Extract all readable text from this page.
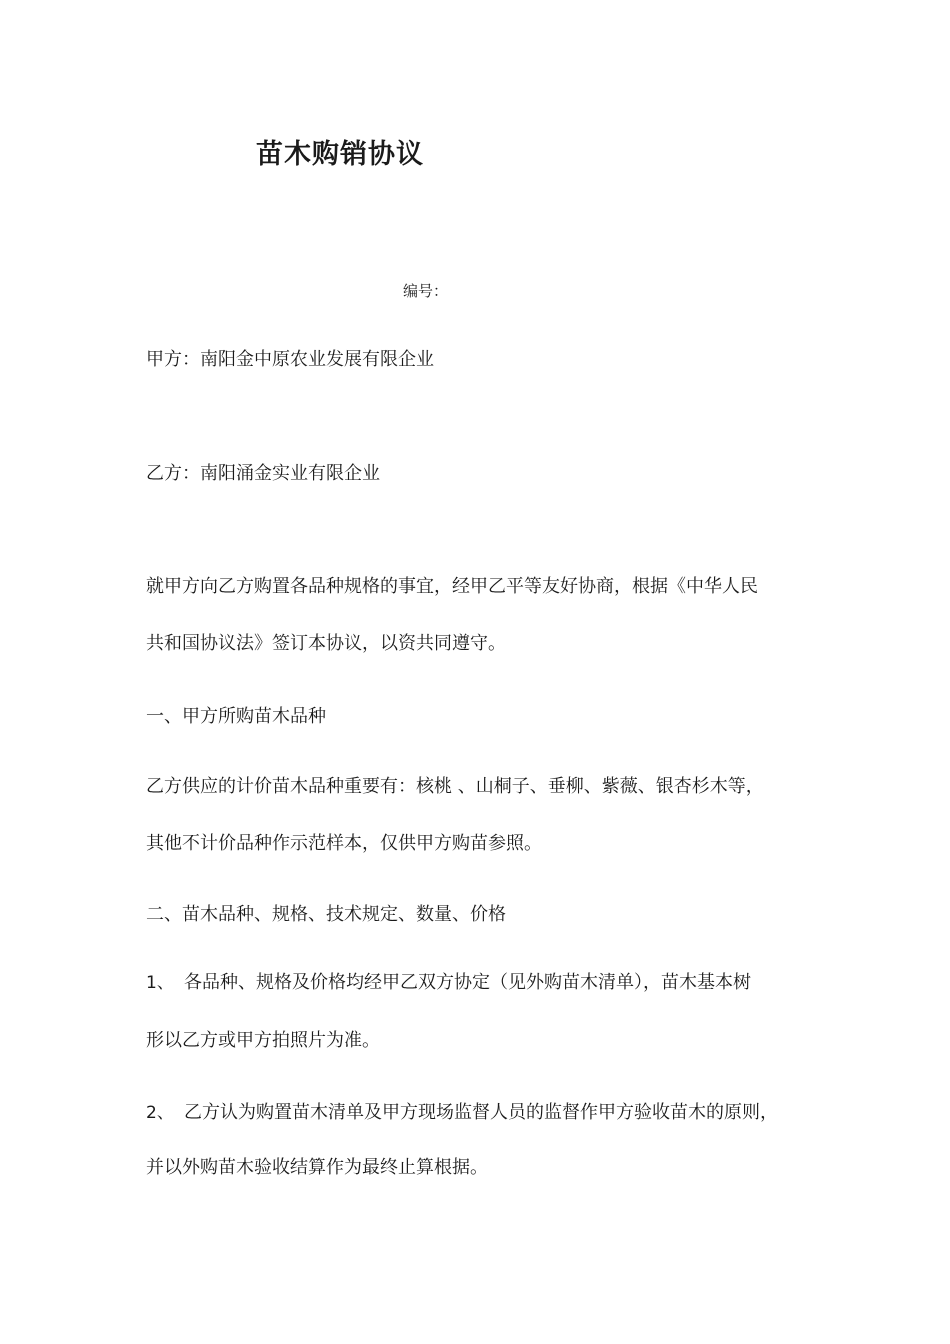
苗木购销协议
编号：

甲方：南阳金中原农业发展有限企业

乙方：南阳涌金实业有限企业

就甲方向乙方购置各品种规格的事宜，经甲乙平等友好协商，根据《中华人民

共和国协议法》签订本协议，以资共同遵守。

一、甲方所购苗木品种

乙方供应的计价苗木品种重要有：核桃 、山桐子、垂柳、紫薇、银杏杉木等，

其他不计价品种作示范样本，仅供甲方购苗参照。

二、苗木品种、规格、技术规定、数量、价格

1、 各品种、规格及价格均经甲乙双方协定（见外购苗木清单），苗木基本树

形以乙方或甲方拍照片为准。

2、 乙方认为购置苗木清单及甲方现场监督人员的监督作甲方验收苗木的原则，

并以外购苗木验收结算作为最终止算根据。
